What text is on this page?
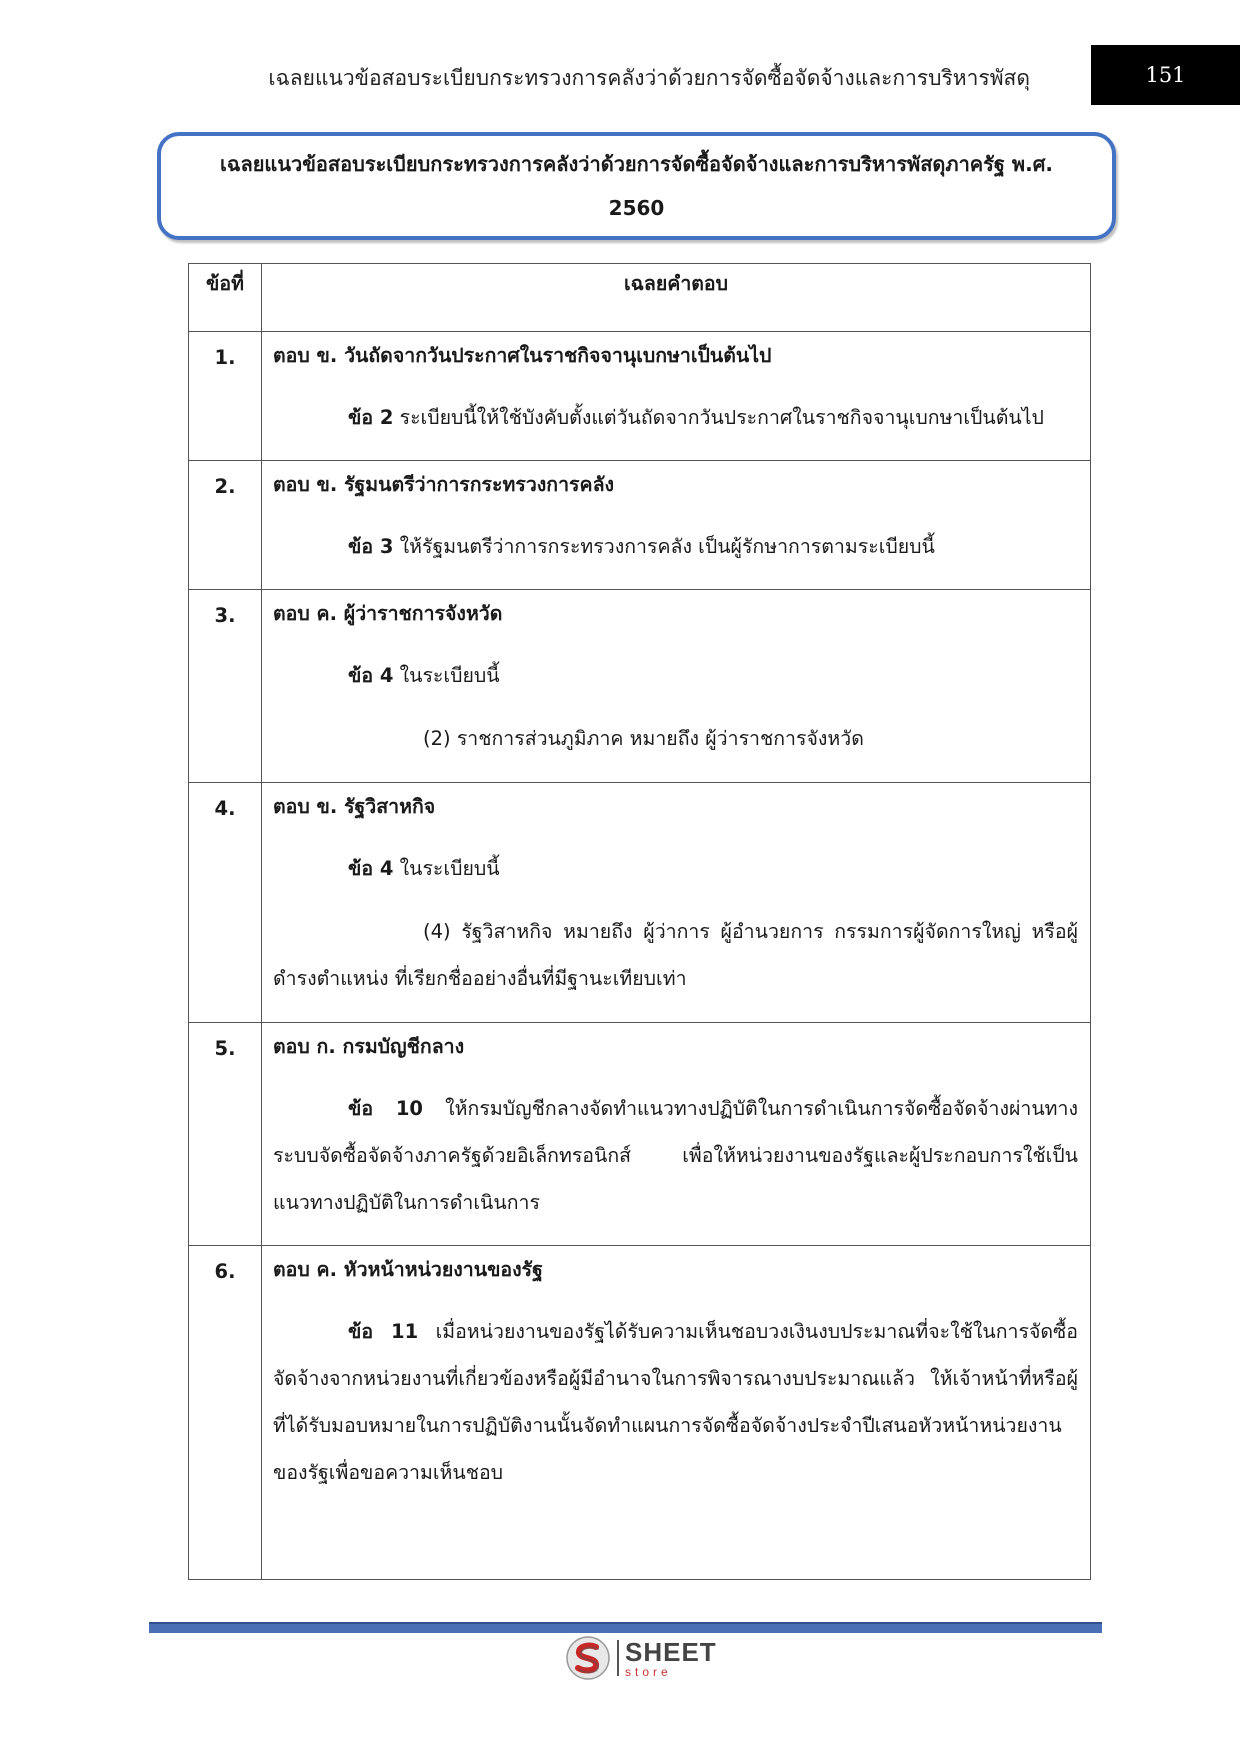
เฉลยแนวข้อสอบระเบียบกระทรวงการคลังว่าด้วยการจัดซื้อจัดจ้างและการบริหารพัสดุ	151
เฉลยแนวข้อสอบระเบียบกระทรวงการคลังว่าด้วยการจัดซื้อจัดจ้างและการบริหารพัสดุภาครัฐ พ.ศ.
2560
ข้อที่	เฉลยคำตอบ
1.	ตอบ ข. วันถัดจากวันประกาศในราชกิจจานุเบกษาเป็นต้นไป
ข้อ 2 ระเบียบนี้ให้ใช้บังคับตั้งแต่วันถัดจากวันประกาศในราชกิจจานุเบกษาเป็นต้นไป

2.	ตอบ ข. รัฐมนตรีว่าการกระทรวงการคลัง
ข้อ 3 ให้รัฐมนตรีว่าการกระทรวงการคลัง เป็นผู้รักษาการตามระเบียบนี้

3.	ตอบ ค. ผู้ว่าราชการจังหวัด
ข้อ 4 ในระเบียบนี้
(2) ราชการส่วนภูมิภาค หมายถึง ผู้ว่าราชการจังหวัด

4.	ตอบ ข. รัฐวิสาหกิจ
ข้อ 4 ในระเบียบนี้
(4) รัฐวิสาหกิจ หมายถึง ผู้ว่าการ ผู้อำนวยการ กรรมการผู้จัดการใหญ่ หรือผู้ดำรงตำแหน่ง ที่เรียกชื่ออย่างอื่นที่มีฐานะเทียบเท่า

5.	ตอบ ก. กรมบัญชีกลาง
ข้อ 10 ให้กรมบัญชีกลางจัดทำแนวทางปฏิบัติในการดำเนินการจัดซื้อจัดจ้างผ่านทางระบบจัดซื้อจัดจ้างภาครัฐด้วยอิเล็กทรอนิกส์ เพื่อให้หน่วยงานของรัฐและผู้ประกอบการใช้เป็นแนวทางปฏิบัติในการดำเนินการ

6.	ตอบ ค. หัวหน้าหน่วยงานของรัฐ
ข้อ 11 เมื่อหน่วยงานของรัฐได้รับความเห็นชอบวงเงินงบประมาณที่จะใช้ในการจัดซื้อจัดจ้างจากหน่วยงานที่เกี่ยวข้องหรือผู้มีอำนาจในการพิจารณางบประมาณแล้ว ให้เจ้าหน้าที่หรือผู้ที่ได้รับมอบหมายในการปฏิบัติงานนั้นจัดทำแผนการจัดซื้อจัดจ้างประจำปีเสนอหัวหน้าหน่วยงานของรัฐเพื่อขอความเห็นชอบ
SHEET
store
